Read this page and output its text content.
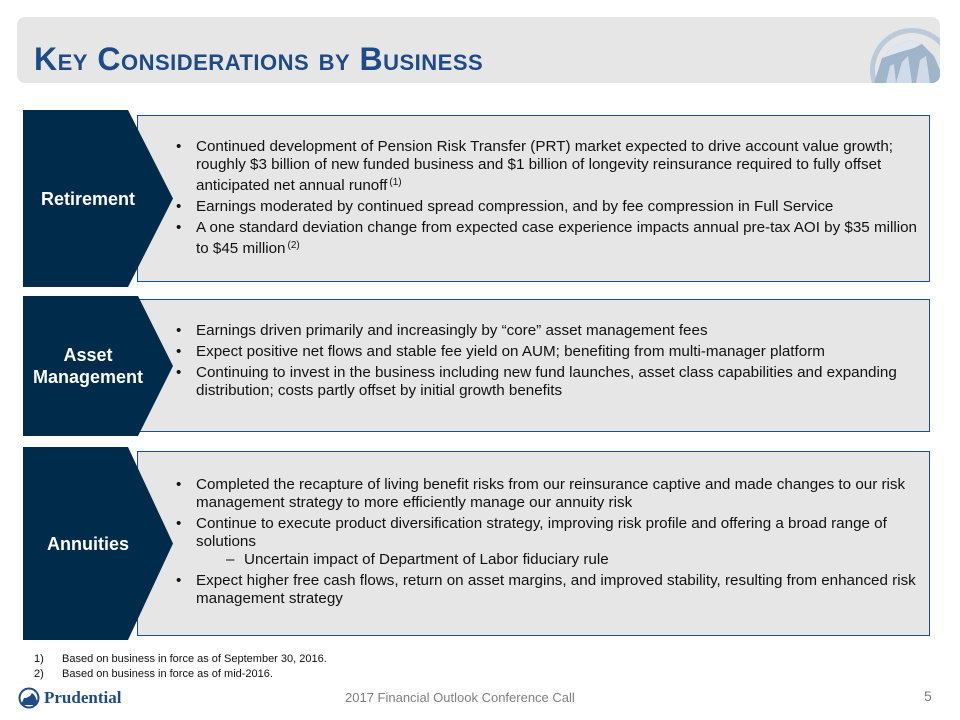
Key Considerations by Business
Retirement
• Continued development of Pension Risk Transfer (PRT) market expected to drive account value growth; roughly $3 billion of new funded business and $1 billion of longevity reinsurance required to fully offset anticipated net annual runoff $^{(1)}$
• Earnings moderated by continued spread compression, and by fee compression in Full Service
• A one standard deviation change from expected case experience impacts annual pre-tax AOI by $35 million to $45 million $^{(2)}$
Asset Management
• Earnings driven primarily and increasingly by “core” asset management fees
• Expect positive net flows and stable fee yield on AUM; benefiting from multi-manager platform
• Continuing to invest in the business including new fund launches, asset class capabilities and expanding distribution; costs partly offset by initial growth benefits
Annuities
• Completed the recapture of living benefit risks from our reinsurance captive and made changes to our risk management strategy to more efficiently manage our annuity risk
• Continue to execute product diversification strategy, improving risk profile and offering a broad range of solutions
– Uncertain impact of Department of Labor fiduciary rule
• Expect higher free cash flows, return on asset margins, and improved stability, resulting from enhanced risk management strategy
1) Based on business in force as of September 30, 2016.
2) Based on business in force as of mid-2016.
Prudential	2017 Financial Outlook Conference Call	5
